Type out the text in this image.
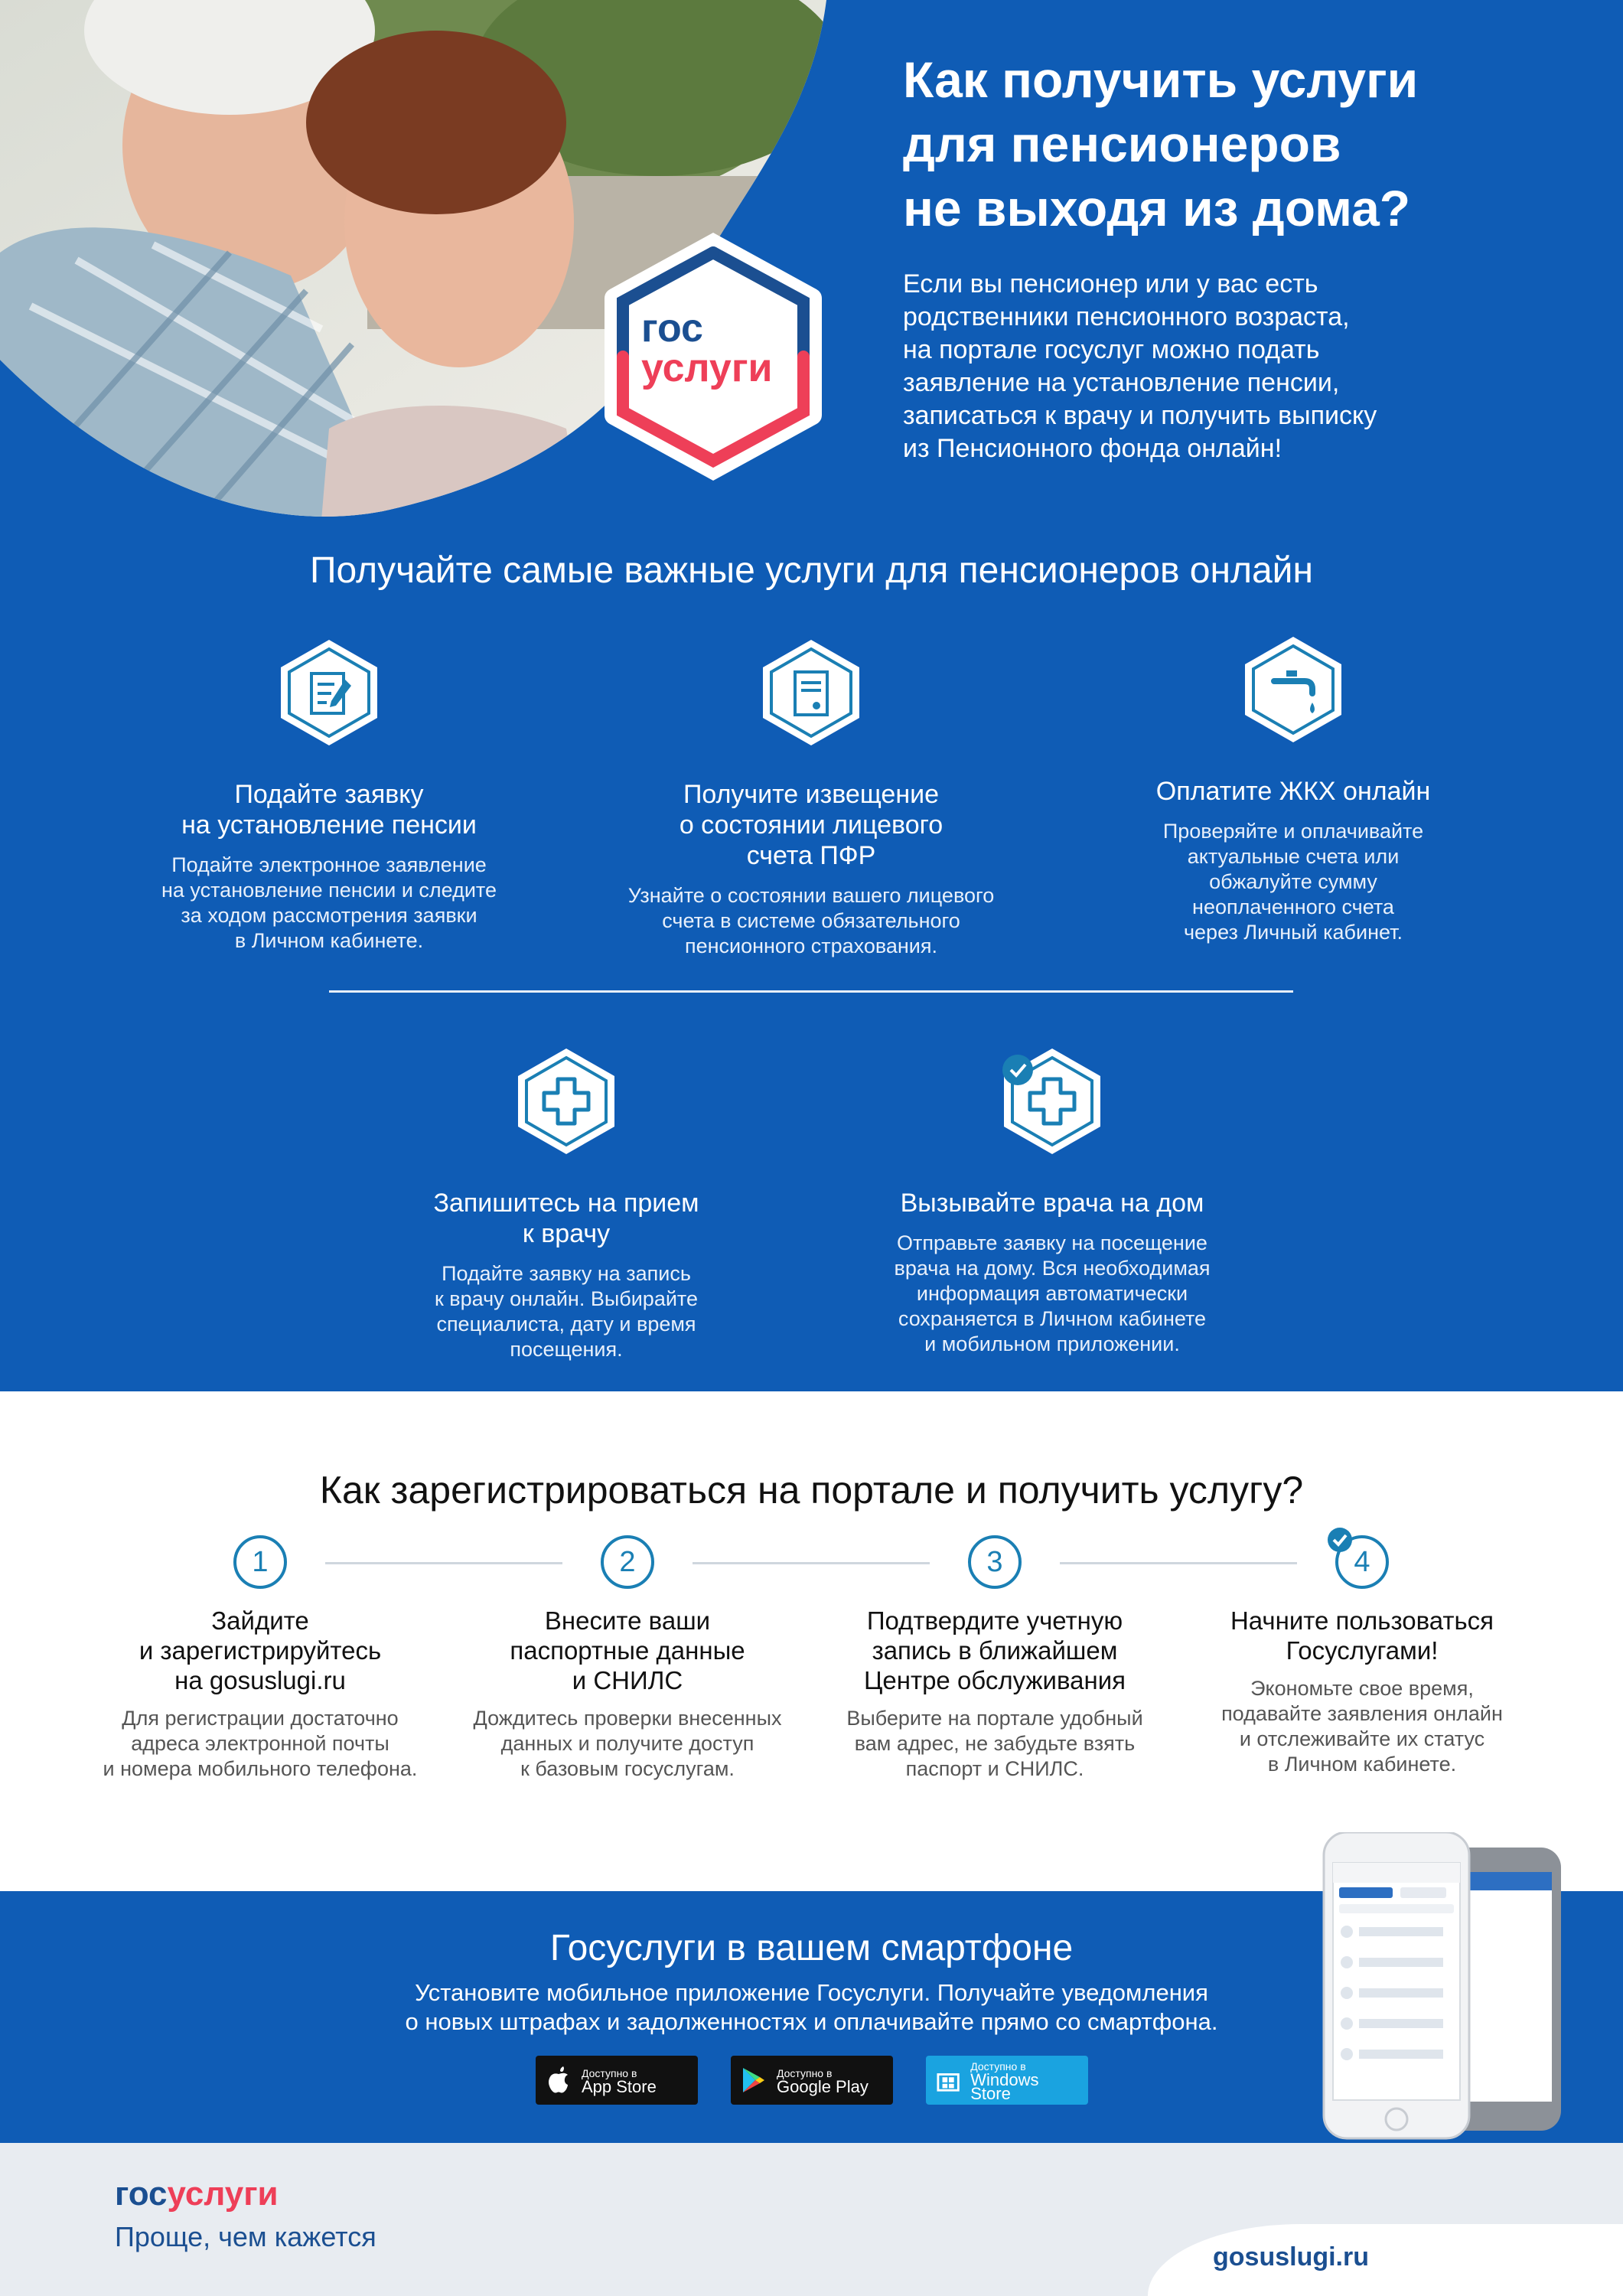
гос
услуги
Как получить услуги
для пенсионеров
не выходя из дома?
Если вы пенсионер или у вас есть
родственники пенсионного возраста,
на портале госуслуг можно подать
заявление на установление пенсии,
записаться к врачу и получить выписку
из Пенсионного фонда онлайн!
Получайте самые важные услуги для пенсионеров онлайн
Подайте заявку
на установление пенсии
Подайте электронное заявление
на установление пенсии и следите
за ходом рассмотрения заявки
в Личном кабинете.
Получите извещение
о состоянии лицевого
счета ПФР
Узнайте о состоянии вашего лицевого
счета в системе обязательного
пенсионного страхования.
Оплатите ЖКХ онлайн
Проверяйте и оплачивайте
актуальные счета или
обжалуйте сумму
неоплаченного счета
через Личный кабинет.
Запишитесь на прием
к врачу
Подайте заявку на запись
к врачу онлайн. Выбирайте
специалиста, дату и время
посещения.
Вызывайте врача на дом
Отправьте заявку на посещение
врача на дому. Вся необходимая
информация автоматически
сохраняется в Личном кабинете
и мобильном приложении.
Как зарегистрироваться на портале и получить услугу?
1
Зайдите
и зарегистрируйтесь
на gosuslugi.ru
Для регистрации достаточно
адреса электронной почты
и номера мобильного телефона.
2
Внесите ваши
паспортные данные
и СНИЛС
Дождитесь проверки внесенных
данных и получите доступ
к базовым госуслугам.
3
Подтвердите учетную
запись в ближайшем
Центре обслуживания
Выберите на портале удобный
вам адрес, не забудьте взять
паспорт и СНИЛС.
4
Начните пользоваться
Госуслугами!
Экономьте свое время,
подавайте заявления онлайн
и отслеживайте их статус
в Личном кабинете.
Госуслуги в вашем смартфоне
Установите мобильное приложение Госуслуги. Получайте уведомления
о новых штрафах и задолженностях и оплачивайте прямо со смартфона.
Доступно в
App Store
Доступно в
Google Play
Доступно в
Windows Store
госуслуги
Проще, чем кажется
gosuslugi.ru
